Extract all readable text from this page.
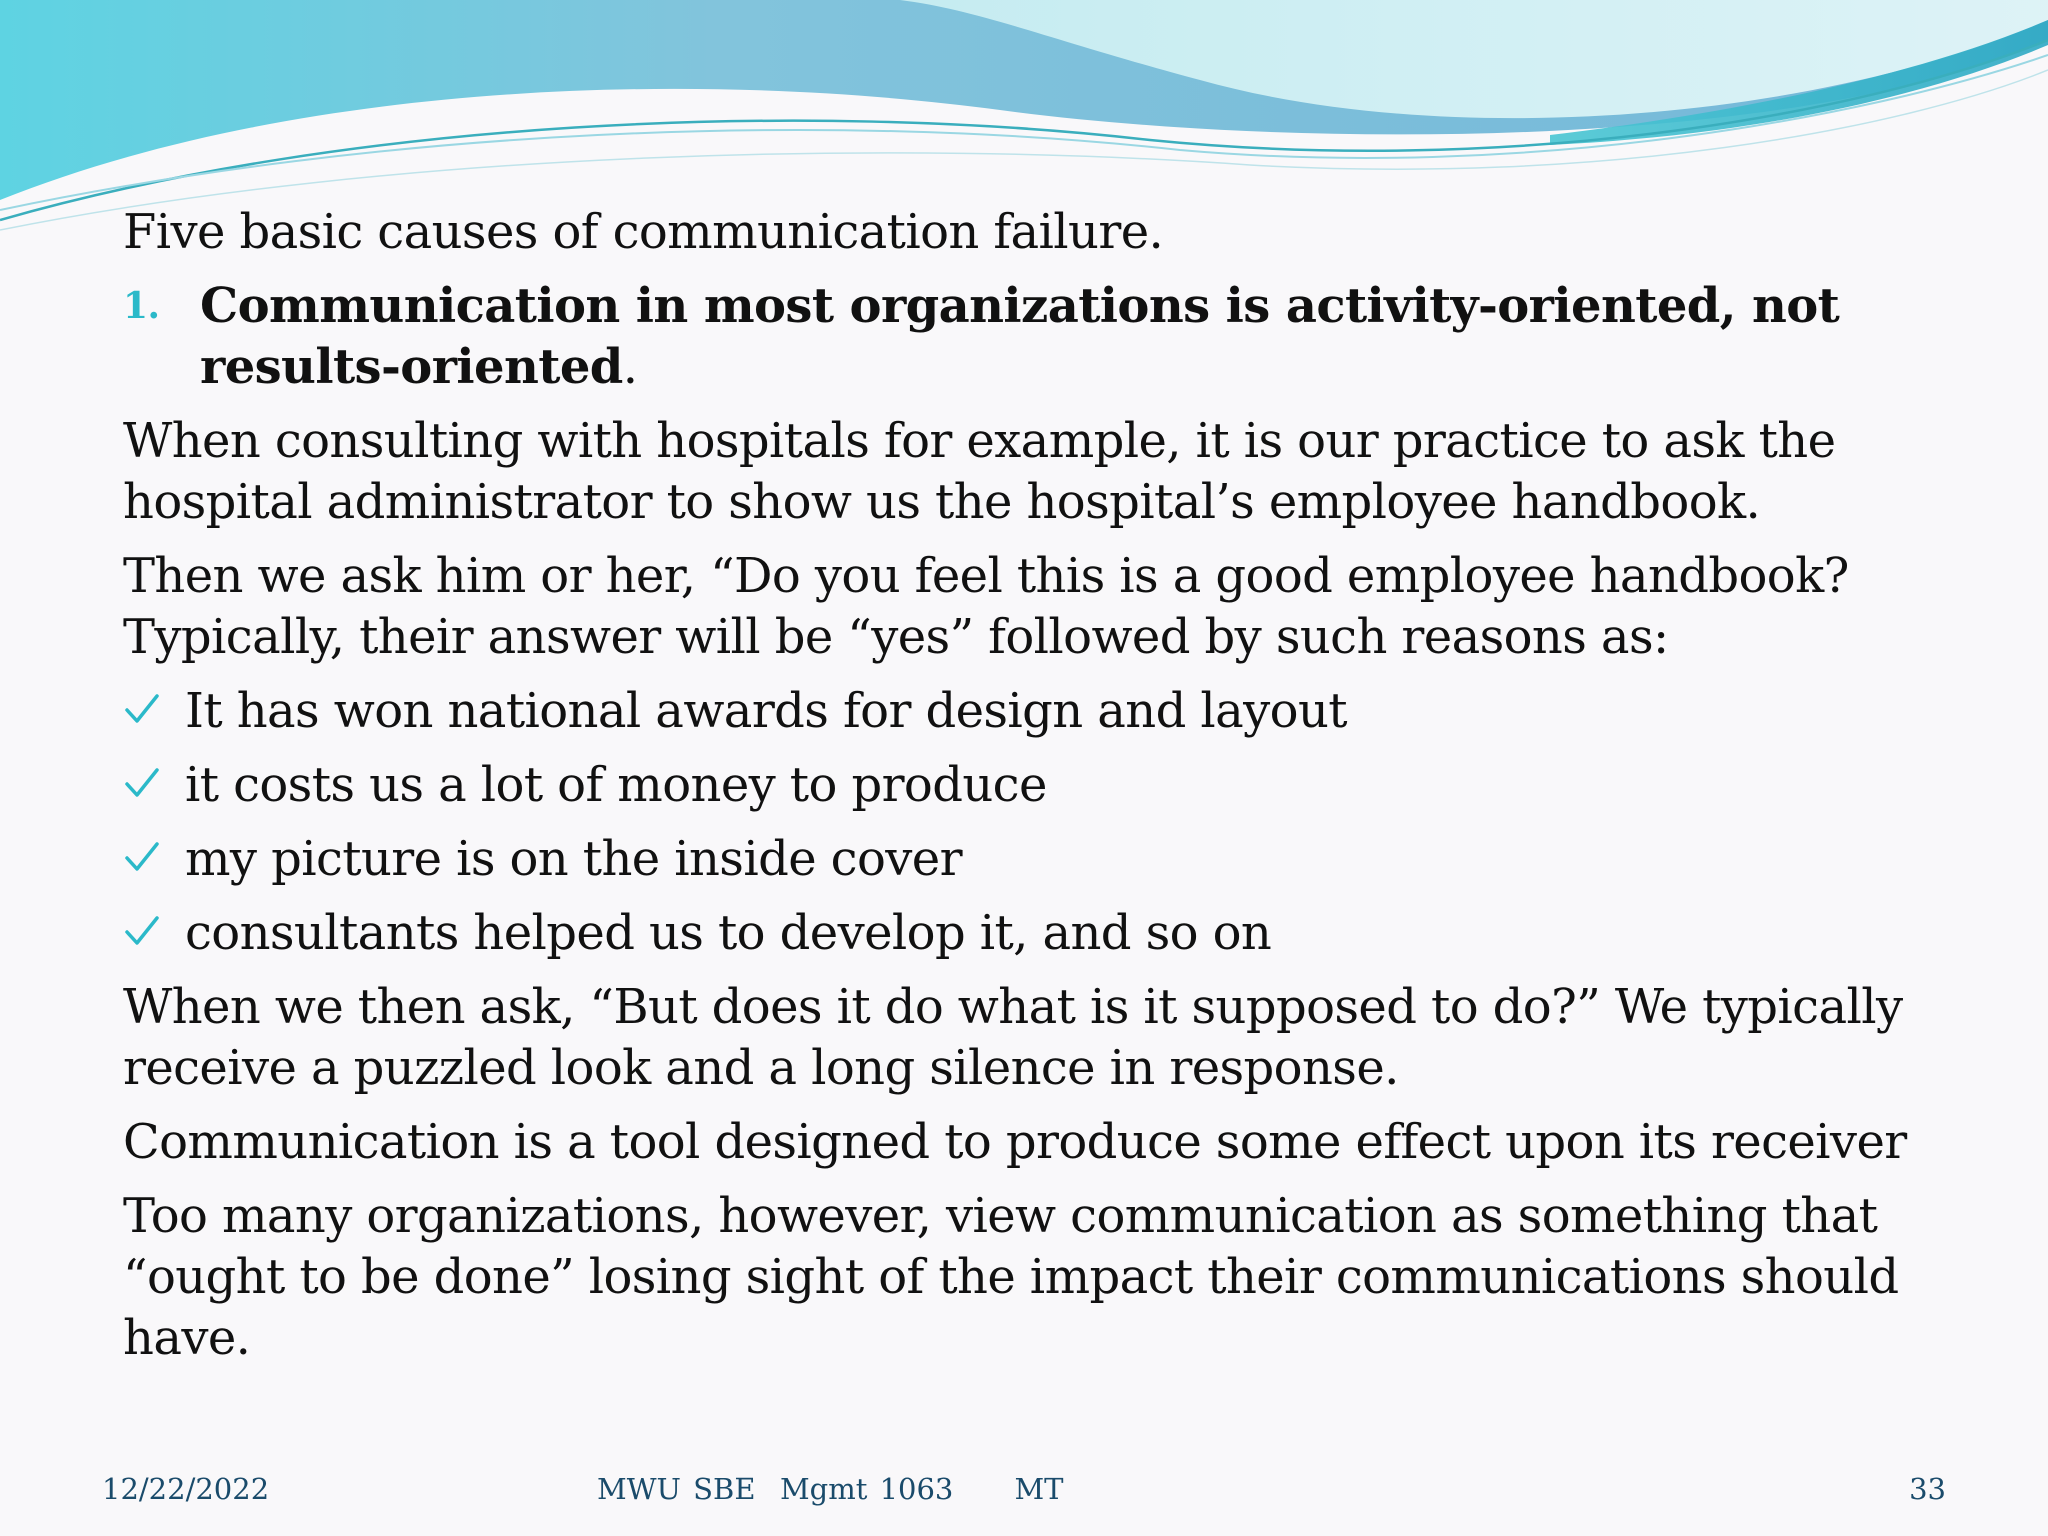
Five basic causes of communication failure.

1. Communication in most organizations is activity-oriented, not results-oriented.

When consulting with hospitals for example, it is our practice to ask the hospital administrator to show us the hospital’s employee handbook.

Then we ask him or her, “Do you feel this is a good employee handbook? Typically, their answer will be “yes” followed by such reasons as:

It has won national awards for design and layout
it costs us a lot of money to produce
my picture is on the inside cover
consultants helped us to develop it, and so on

When we then ask, “But does it do what is it supposed to do?” We typically receive a puzzled look and a long silence in response.

Communication is a tool designed to produce some effect upon its receiver

Too many organizations, however, view communication as something that “ought to be done” losing sight of the impact their communications should have.

12/22/2022	MWU SBE  Mgmt 1063     MT	33
